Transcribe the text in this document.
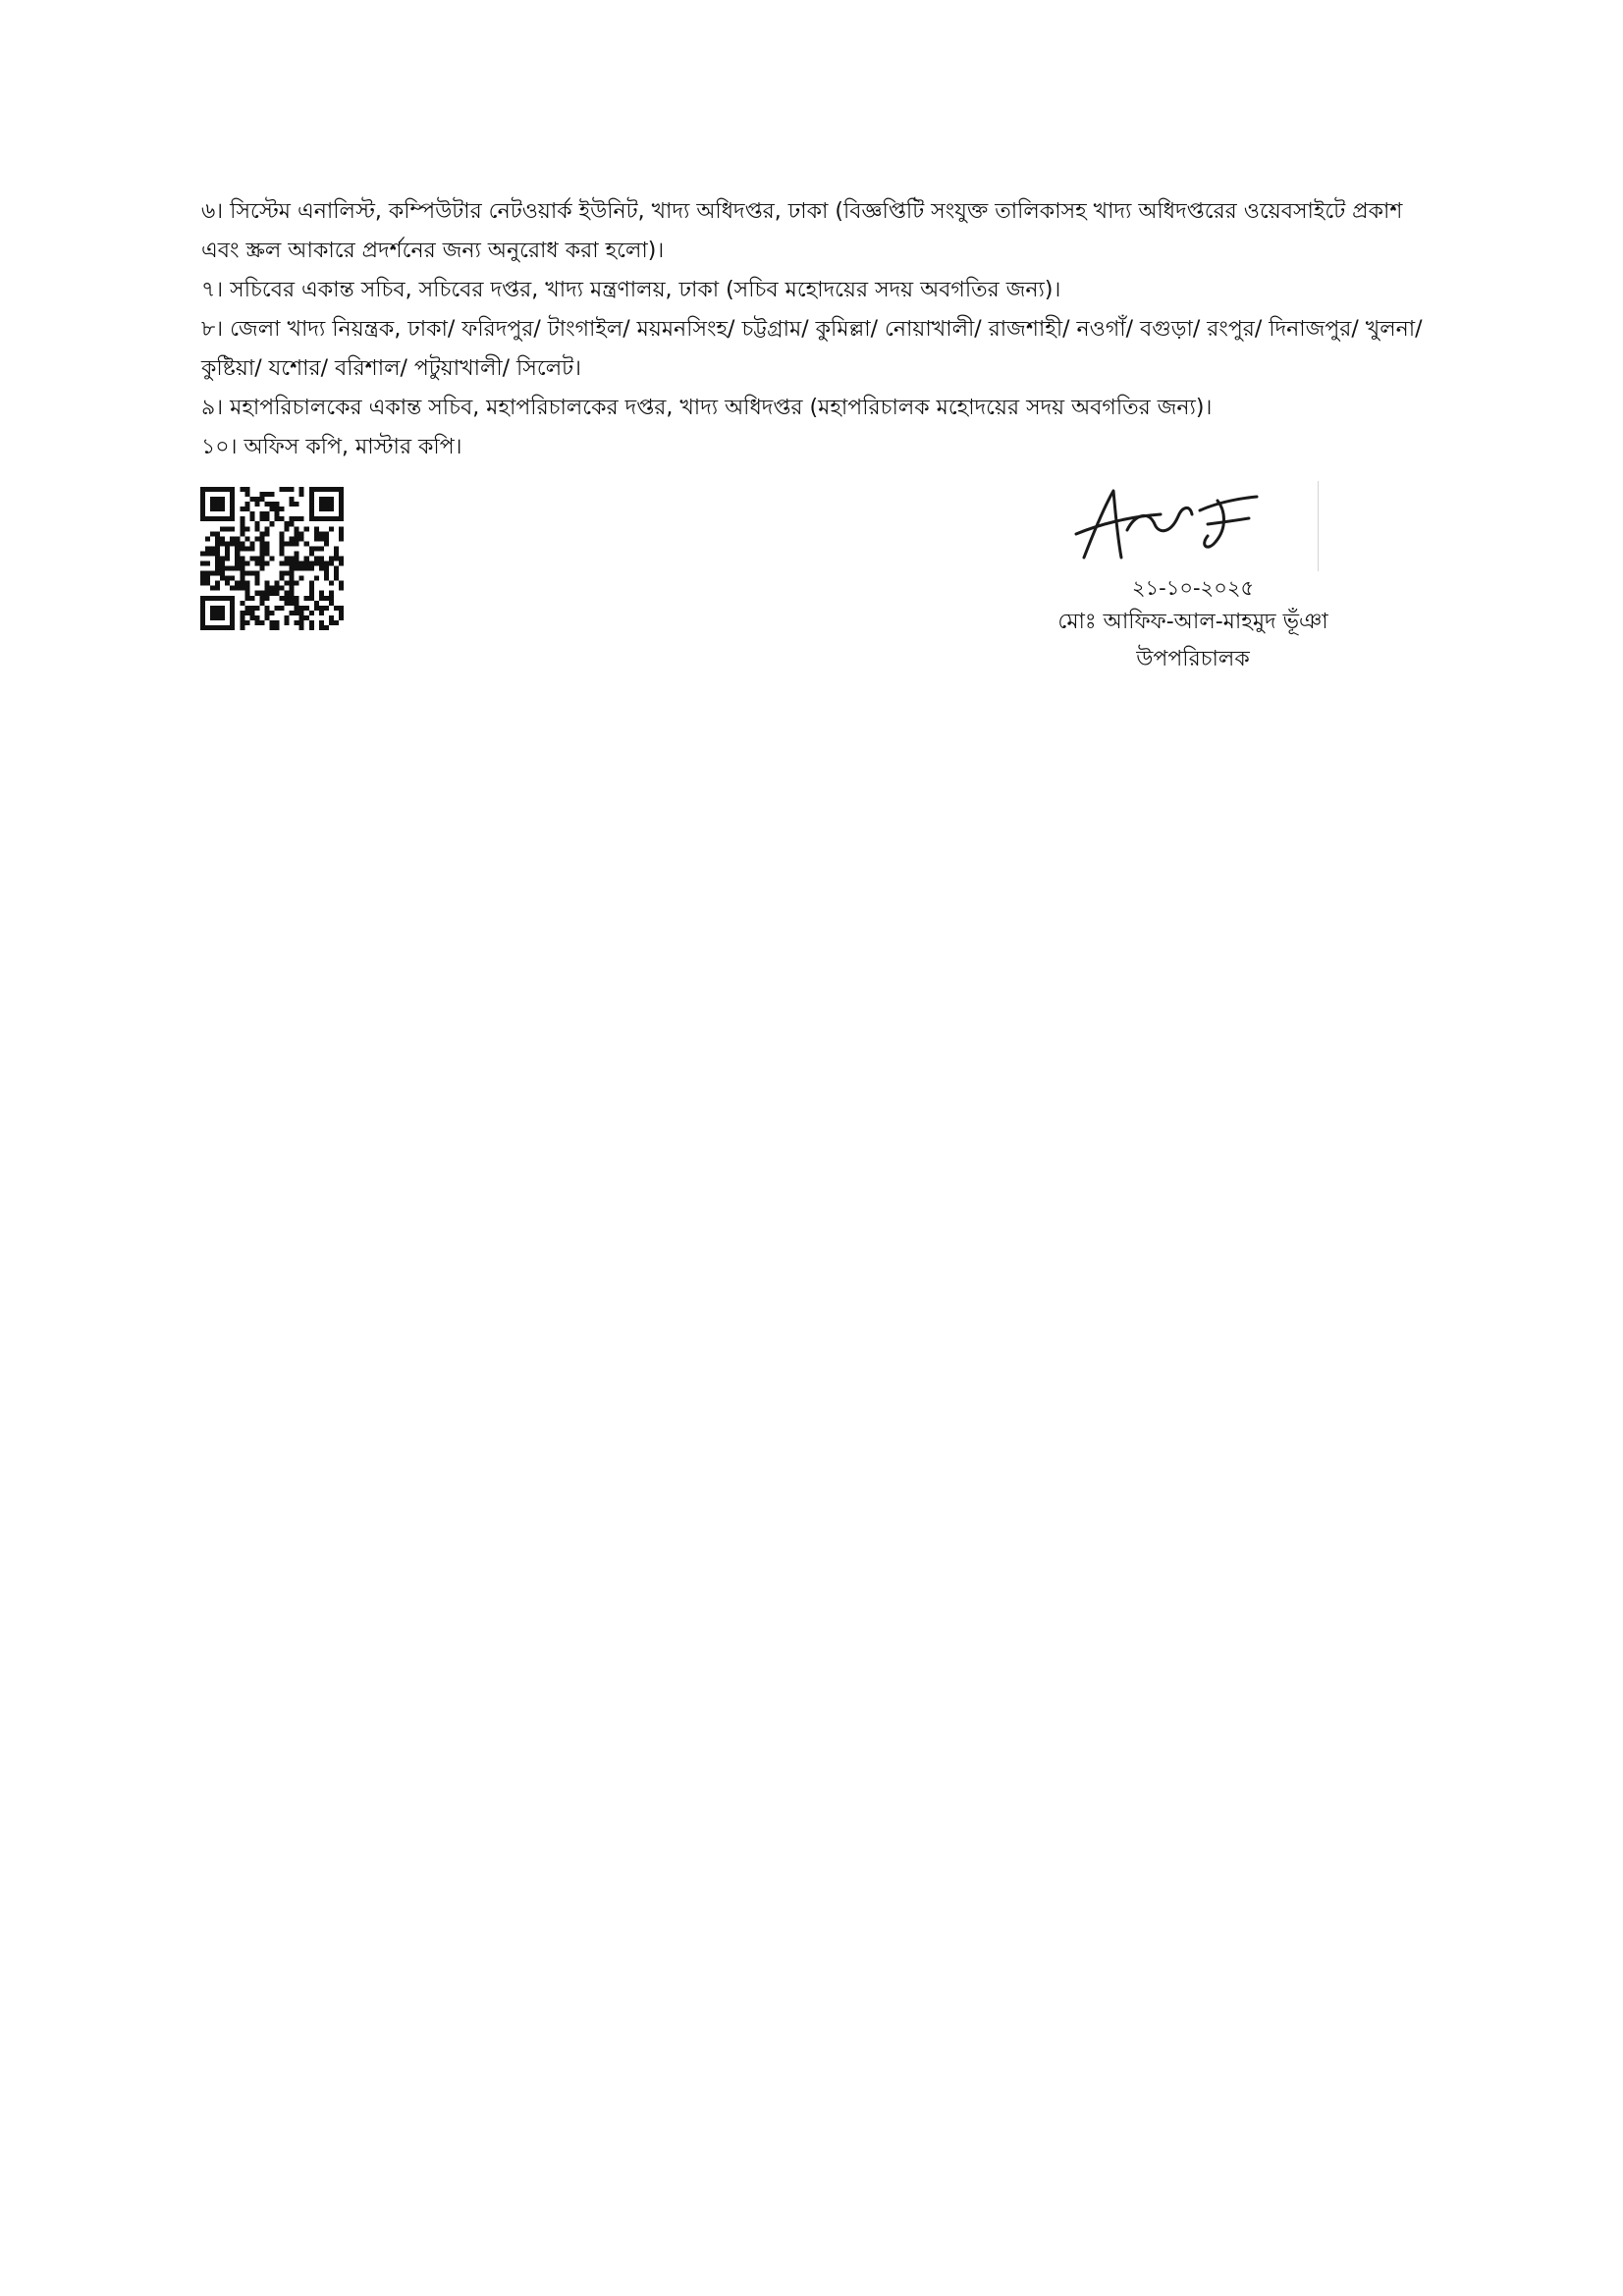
৬। সিস্টেম এনালিস্ট, কম্পিউটার নেটওয়ার্ক ইউনিট, খাদ্য অধিদপ্তর, ঢাকা (বিজ্ঞপ্তিটি সংযুক্ত তালিকাসহ খাদ্য অধিদপ্তরের ওয়েবসাইটে প্রকাশ এবং স্ক্রল আকারে প্রদর্শনের জন্য অনুরোধ করা হলো)।

৭। সচিবের একান্ত সচিব, সচিবের দপ্তর, খাদ্য মন্ত্রণালয়, ঢাকা (সচিব মহোদয়ের সদয় অবগতির জন্য)।

৮। জেলা খাদ্য নিয়ন্ত্রক, ঢাকা/ ফরিদপুর/ টাংগাইল/ ময়মনসিংহ/ চট্টগ্রাম/ কুমিল্লা/ নোয়াখালী/ রাজশাহী/ নওগাঁ/ বগুড়া/ রংপুর/ দিনাজপুর/ খুলনা/ কুষ্টিয়া/ যশোর/ বরিশাল/ পটুয়াখালী/ সিলেট।

৯। মহাপরিচালকের একান্ত সচিব, মহাপরিচালকের দপ্তর, খাদ্য অধিদপ্তর (মহাপরিচালক মহোদয়ের সদয় অবগতির জন্য)।

১০। অফিস কপি, মাস্টার কপি।

২১-১০-২০২৫
মোঃ আফিফ-আল-মাহমুদ ভূঁঞা
উপপরিচালক
